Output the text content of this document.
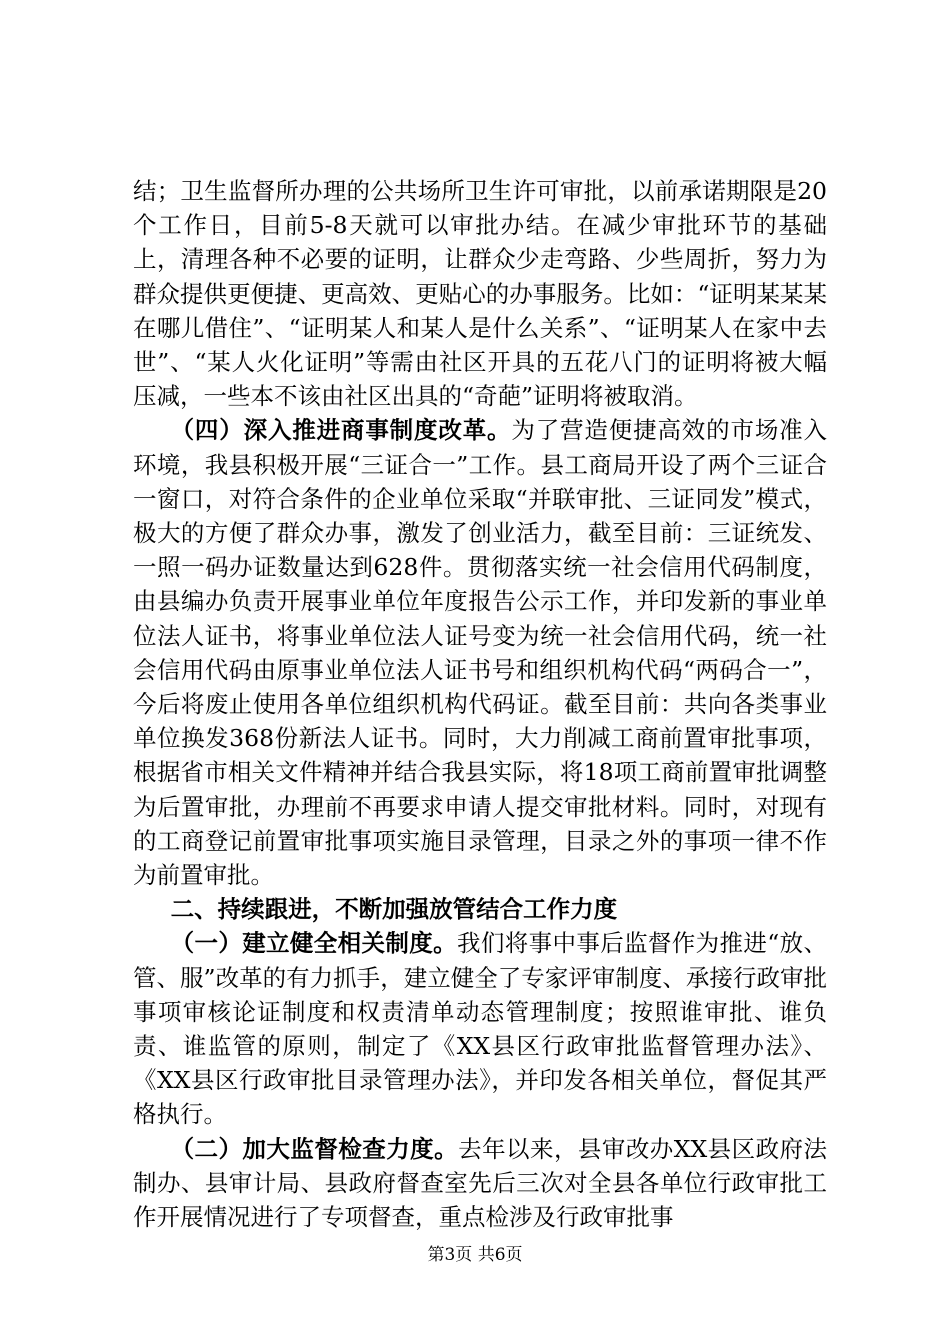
结；卫生监督所办理的公共场所卫生许可审批，以前承诺期限是20个工作日，目前5-8天就可以审批办结。在减少审批环节的基础上，清理各种不必要的证明，让群众少走弯路、少些周折，努力为群众提供更便捷、更高效、更贴心的办事服务。比如：“证明某某某在哪儿借住”、“证明某人和某人是什么关系”、“证明某人在家中去世”、“某人火化证明”等需由社区开具的五花八门的证明将被大幅压减，一些本不该由社区出具的“奇葩”证明将被取消。

（四）深入推进商事制度改革。为了营造便捷高效的市场准入环境，我县积极开展“三证合一”工作。县工商局开设了两个三证合一窗口，对符合条件的企业单位采取“并联审批、三证同发”模式，极大的方便了群众办事，激发了创业活力，截至目前：三证统发、一照一码办证数量达到628件。贯彻落实统一社会信用代码制度，由县编办负责开展事业单位年度报告公示工作，并印发新的事业单位法人证书，将事业单位法人证号变为统一社会信用代码，统一社会信用代码由原事业单位法人证书号和组织机构代码“两码合一”，今后将废止使用各单位组织机构代码证。截至目前：共向各类事业单位换发368份新法人证书。同时，大力削减工商前置审批事项，根据省市相关文件精神并结合我县实际，将18项工商前置审批调整为后置审批，办理前不再要求申请人提交审批材料。同时，对现有的工商登记前置审批事项实施目录管理，目录之外的事项一律不作为前置审批。

二、持续跟进，不断加强放管结合工作力度

（一）建立健全相关制度。我们将事中事后监督作为推进“放、管、服”改革的有力抓手，建立健全了专家评审制度、承接行政审批事项审核论证制度和权责清单动态管理制度；按照谁审批、谁负责、谁监管的原则，制定了《XX县区行政审批监督管理办法》、《XX县区行政审批目录管理办法》，并印发各相关单位，督促其严格执行。

（二）加大监督检查力度。去年以来，县审改办XX县区政府法制办、县审计局、县政府督查室先后三次对全县各单位行政审批工作开展情况进行了专项督查，重点检涉及行政审批事

第3页 共6页
